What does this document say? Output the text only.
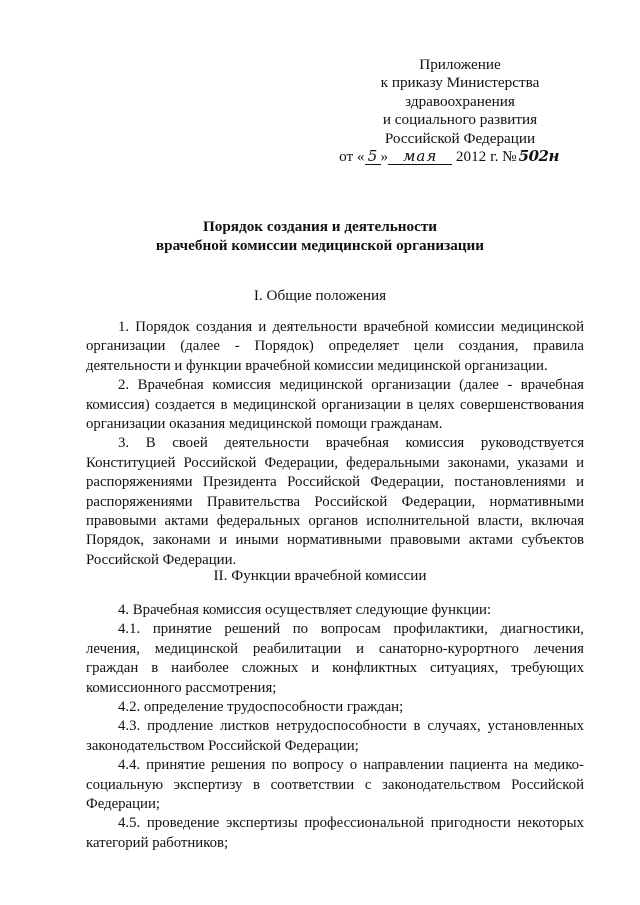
Приложение
к приказу Министерства
здравоохранения
и социального развития
Российской Федерации
от « 5 » мая 2012 г. № 502н
Порядок создания и деятельности
врачебной комиссии медицинской организации
I. Общие положения

1. Порядок создания и деятельности врачебной комиссии медицинской организации (далее - Порядок) определяет цели создания, правила деятельности и функции врачебной комиссии медицинской организации.

2. Врачебная комиссия медицинской организации (далее - врачебная комиссия) создается в медицинской организации в целях совершенствования организации оказания медицинской помощи гражданам.

3. В своей деятельности врачебная комиссия руководствуется Конституцией Российской Федерации, федеральными законами, указами и распоряжениями Президента Российской Федерации, постановлениями и распоряжениями Правительства Российской Федерации, нормативными правовыми актами федеральных органов исполнительной власти, включая Порядок, законами и иными нормативными правовыми актами субъектов Российской Федерации.

II. Функции врачебной комиссии

4. Врачебная комиссия осуществляет следующие функции:

4.1. принятие решений по вопросам профилактики, диагностики, лечения, медицинской реабилитации и санаторно-курортного лечения граждан в наиболее сложных и конфликтных ситуациях, требующих комиссионного рассмотрения;

4.2. определение трудоспособности граждан;

4.3. продление листков нетрудоспособности в случаях, установленных законодательством Российской Федерации;

4.4. принятие решения по вопросу о направлении пациента на медико-социальную экспертизу в соответствии с законодательством Российской Федерации;

4.5. проведение экспертизы профессиональной пригодности некоторых категорий работников;
